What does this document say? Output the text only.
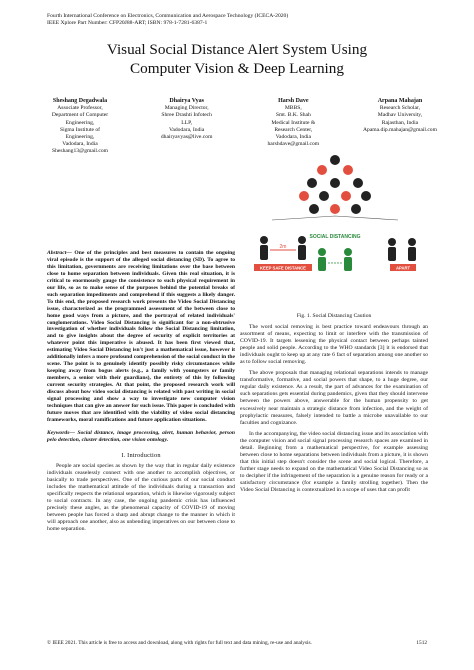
Fourth International Conference on Electronics, Communication and Aerospace Technology (ICECA-2020)
IEEE Xplore Part Number: CFP20J88-ART; ISBN: 978-1-7281-6387-1
Visual Social Distance Alert System Using
Computer Vision & Deep Learning
Sheshang Degadwala
Associate Professor,
Department of Computer
Engineering,
Sigma Institute of
Engineering,
Vadodara, India
Sheshang13@gmail.com
Dhairya Vyas
Managing Director,
Shree Drashti Infotech
LLP,
Vadodara, India
dhairyavyas@live.com
Harsh Dave
MBBS,
Smt. B.K. Shah
Medical Institute &
Research Center,
Vadodara, India
harshdave@gmail.com
Arpana Mahajan
Research Scholar,
Madhav University,
Rajasthan, India
Apama.dip.mahajan@gmail.com
Abstract— One of the principles and best measures to contain the ongoing viral episode is the support of the alleged social distancing (SD). To agree to this limitation, governments are receiving limitations over the base between close to home separation between individuals. Given this real situation, it is critical to enormously gauge the consistence to such physical requirement in our life, so as to make sense of the purposes behind the potential breaks of such separation impediments and comprehend if this suggests a likely danger. To this end, the proposed research work presents the Video Social Distancing issue, characterized as the programmed assessment of the between close to home good ways from a picture, and the portrayal of related individuals' conglomerations. Video Social Distancing is significant for a non-obtrusive investigation of whether individuals follow the Social Distancing limitation, and to give insights about the degree of security of explicit territories at whatever point this imperative is abused. It has been first viewed that, estimating Video Social Distancing isn't just a mathematical issue, however it additionally infers a more profound comprehension of the social conduct in the scene. The point is to genuinely identify possibly risky circumstances while keeping away from bogus alerts (e.g., a family with youngsters or family members, a senior with their guardians), the entirety of this by following current security strategies. At that point, the proposed research work will discuss about how video social distancing is related with past writing in social signal processing and show a way to investigate new computer vision techniques that can give an answer for such issue. This paper is concluded with future moves that are identified with the viability of video social distancing frameworks, moral ramifications and future application situations.
Keywords— Social distance, image processing, alert, human behavior, person pelo detection, cluster detection, one vision ontology.
I. Introduction

People are social species as shown by the way that in regular daily existence individuals ceaselessly connect with one another to accomplish objectives, or basically to trade perspectives. One of the curious parts of our social conduct includes the mathematical attitude of the individuals during a transaction and specifically respects the relational separation, which is likewise vigorously subject to social contracts. In any case, the ongoing pandemic crisis has influenced precisely these angles, as the phenomenal capacity of COVID-19 of moving between people has forced a sharp and abrupt change to the manner in which it will approach one another, also as unbending imperatives on our between close to home separation.

2m
KEEP SAFE DISTANCE
SOCIAL DISTANCING
APART
Fig. 1. Social Distancing Caution

The word social removing is best practice toward endeavours through an assortment of means, expecting to limit or interfere with the transmission of COVID-19. It targets lessening the physical contact between perhaps tainted people and solid people. According to the WHO standards [3] it is endorsed that individuals ought to keep up at any rate 6 fact of separation among one another so as to follow social removing.

The above proposals that managing relational separations intends to manage transformative, formative, and social powers that shape, to a huge degree, our regular daily existence. As a result, the part of advances for the examination of such separations gets essential during pandemics, given that they should intervene between the powers above, answerable for the human propensity to get excessively near maintain a strategic distance from infection, and the weight of prophylactic measures, falsely intended to battle a microbe unavailable to our faculties and cognizance.

In the accompanying, the video social distancing issue and its association with the computer vision and social signal processing research spaces are examined in detail. Beginning from a mathematical perspective, for example assessing between close to home separations between individuals from a picture, it is shown that this initial step doesn't consider the scene and social logical. Therefore, a further stage needs to expand on the mathematical Video Social Distancing so as to decipher if the infringement of the separation is a genuine reason for ready or a satisfactory circumstance (for example a family strolling together). Then the Video Social Distancing is contextualized in a scope of uses that can profit

© IEEE 2021. This article is free to access and download, along with rights for full text and data mining, re-use and analysis.	1512
